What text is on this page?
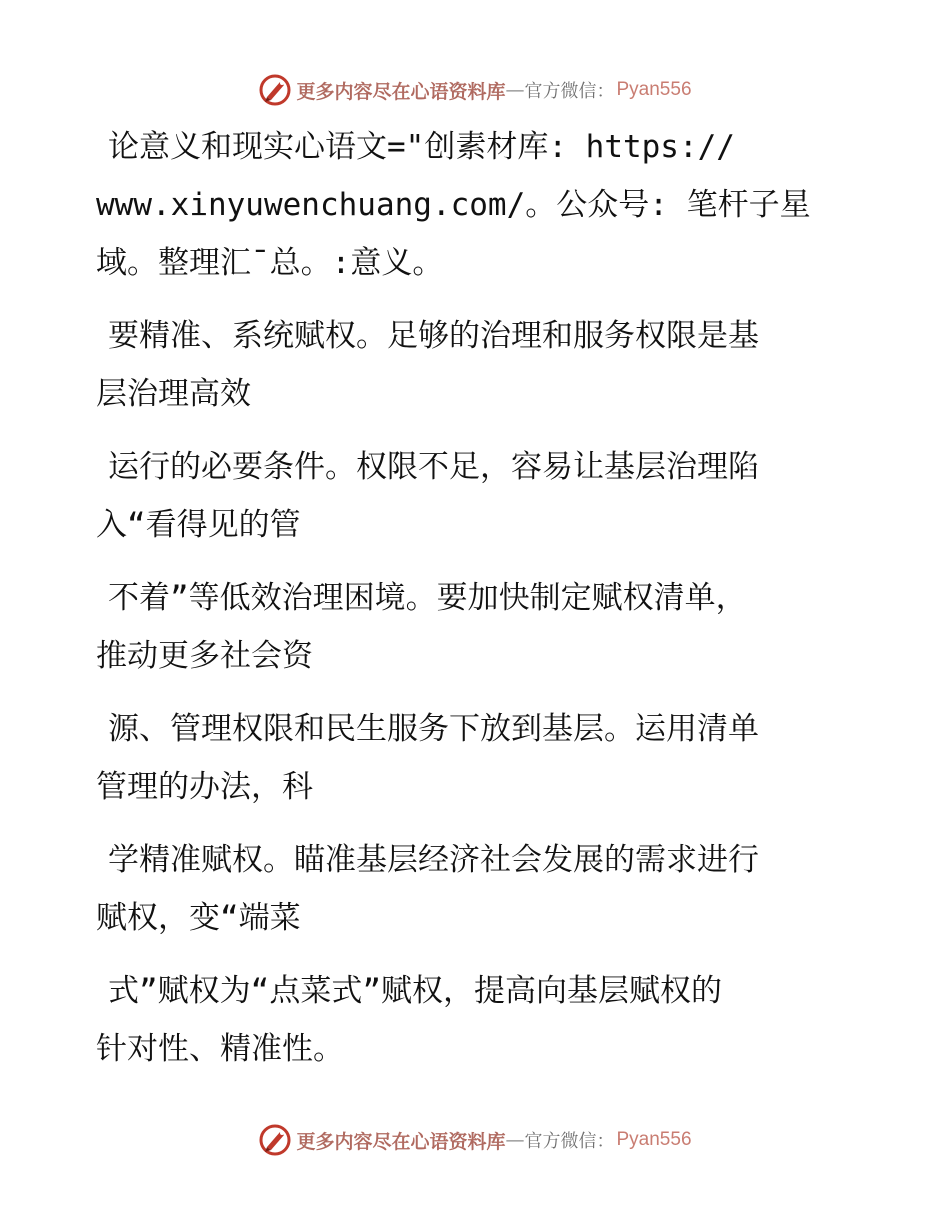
更多内容尽在心语资料库 — 官方微信： Pyan556

论意义和现实心语文="创素材库: https://
www.xinyuwenchuang.com/。公众号: 笔杆子星
域。整理汇¯总。:意义。

要精准、系统赋权。足够的治理和服务权限是基
层治理高效

运行的必要条件。权限不足，容易让基层治理陷
入“看得见的管

不着”等低效治理困境。要加快制定赋权清单，
推动更多社会资

源、管理权限和民生服务下放到基层。运用清单
管理的办法，科

学精准赋权。瞄准基层经济社会发展的需求进行
赋权，变“端菜

式”赋权为“点菜式”赋权，提高向基层赋权的
针对性、精准性。

更多内容尽在心语资料库 — 官方微信： Pyan556
